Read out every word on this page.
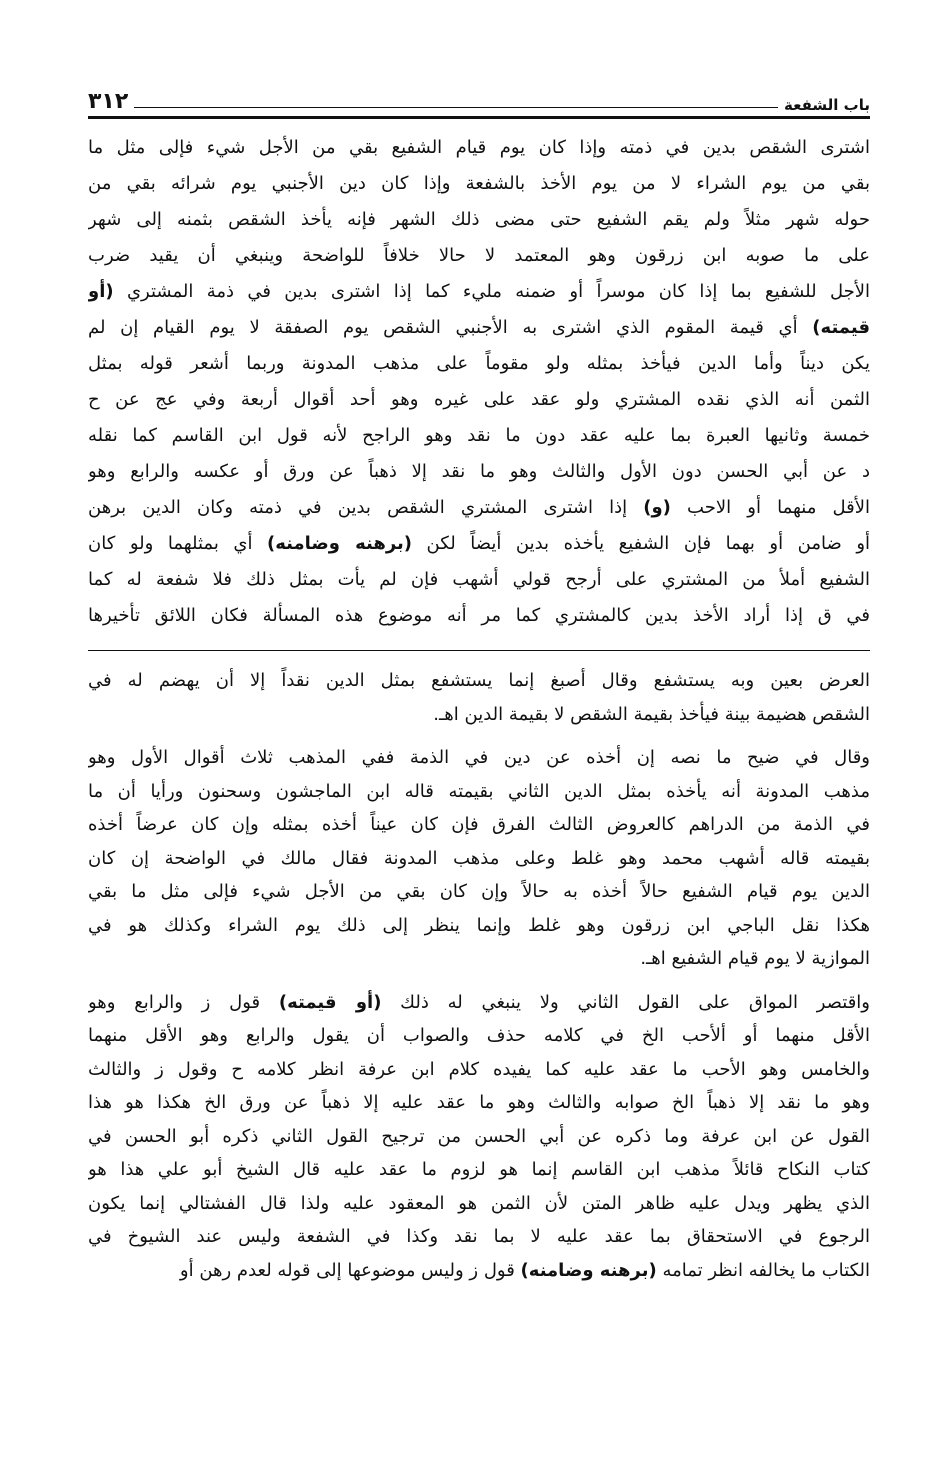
باب الشفعة
٣١٢
اشترى الشقص بدين في ذمته وإذا كان يوم قيام الشفيع بقي من الأجل شيء فإلى مثل ما
بقي من يوم الشراء لا من يوم الأخذ بالشفعة وإذا كان دين الأجنبي يوم شرائه بقي من
حوله شهر مثلاً ولم يقم الشفيع حتى مضى ذلك الشهر فإنه يأخذ الشقص بثمنه إلى شهر
على ما صوبه ابن زرقون وهو المعتمد لا حالا خلافاً للواضحة وينبغي أن يقيد ضرب
الأجل للشفيع بما إذا كان موسراً أو ضمنه مليء كما إذا اشترى بدين في ذمة المشتري (أو
قيمته) أي قيمة المقوم الذي اشترى به الأجنبي الشقص يوم الصفقة لا يوم القيام إن لم
يكن ديناً وأما الدين فيأخذ بمثله ولو مقوماً على مذهب المدونة وربما أشعر قوله بمثل
الثمن أنه الذي نقده المشتري ولو عقد على غيره وهو أحد أقوال أربعة وفي عج عن ح
خمسة وثانيها العبرة بما عليه عقد دون ما نقد وهو الراجح لأنه قول ابن القاسم كما نقله
د عن أبي الحسن دون الأول والثالث وهو ما نقد إلا ذهباً عن ورق أو عكسه والرابع وهو
الأقل منهما أو الاحب (و) إذا اشترى المشتري الشقص بدين في ذمته وكان الدين برهن
أو ضامن أو بهما فإن الشفيع يأخذه بدين أيضاً لكن (برهنه وضامنه) أي بمثلهما ولو كان
الشفيع أملأ من المشتري على أرجح قولي أشهب فإن لم يأت بمثل ذلك فلا شفعة له كما
في ق إذا أراد الأخذ بدين كالمشتري كما مر أنه موضوع هذه المسألة فكان اللائق تأخيرها
العرض بعين وبه يستشفع وقال أصبغ إنما يستشفع بمثل الدين نقداً إلا أن يهضم له في
الشقص هضيمة بينة فيأخذ بقيمة الشقص لا بقيمة الدين اهـ.
وقال في ضيح ما نصه إن أخذه عن دين في الذمة ففي المذهب ثلاث أقوال الأول وهو
مذهب المدونة أنه يأخذه بمثل الدين الثاني بقيمته قاله ابن الماجشون وسحنون ورأيا أن ما
في الذمة من الدراهم كالعروض الثالث الفرق فإن كان عيناً أخذه بمثله وإن كان عرضاً أخذه
بقيمته قاله أشهب محمد وهو غلط وعلى مذهب المدونة فقال مالك في الواضحة إن كان
الدين يوم قيام الشفيع حالاً أخذه به حالاً وإن كان بقي من الأجل شيء فإلى مثل ما بقي
هكذا نقل الباجي ابن زرقون وهو غلط وإنما ينظر إلى ذلك يوم الشراء وكذلك هو في
الموازية لا يوم قيام الشفيع اهـ.
واقتصر المواق على القول الثاني ولا ينبغي له ذلك (أو قيمته) قول ز والرابع وهو
الأقل منهما أو ألأحب الخ في كلامه حذف والصواب أن يقول والرابع وهو الأقل منهما
والخامس وهو الأحب ما عقد عليه كما يفيده كلام ابن عرفة انظر كلامه ح وقول ز والثالث
وهو ما نقد إلا ذهباً الخ صوابه والثالث وهو ما عقد عليه إلا ذهباً عن ورق الخ هكذا هو هذا
القول عن ابن عرفة وما ذكره عن أبي الحسن من ترجيح القول الثاني ذكره أبو الحسن في
كتاب النكاح قائلاً مذهب ابن القاسم إنما هو لزوم ما عقد عليه قال الشيخ أبو علي هذا هو
الذي يظهر ويدل عليه ظاهر المتن لأن الثمن هو المعقود عليه ولذا قال الفشتالي إنما يكون
الرجوع في الاستحقاق بما عقد عليه لا بما نقد وكذا في الشفعة وليس عند الشيوخ في
الكتاب ما يخالفه انظر تمامه (برهنه وضامنه) قول ز وليس موضوعها إلى قوله لعدم رهن أو
